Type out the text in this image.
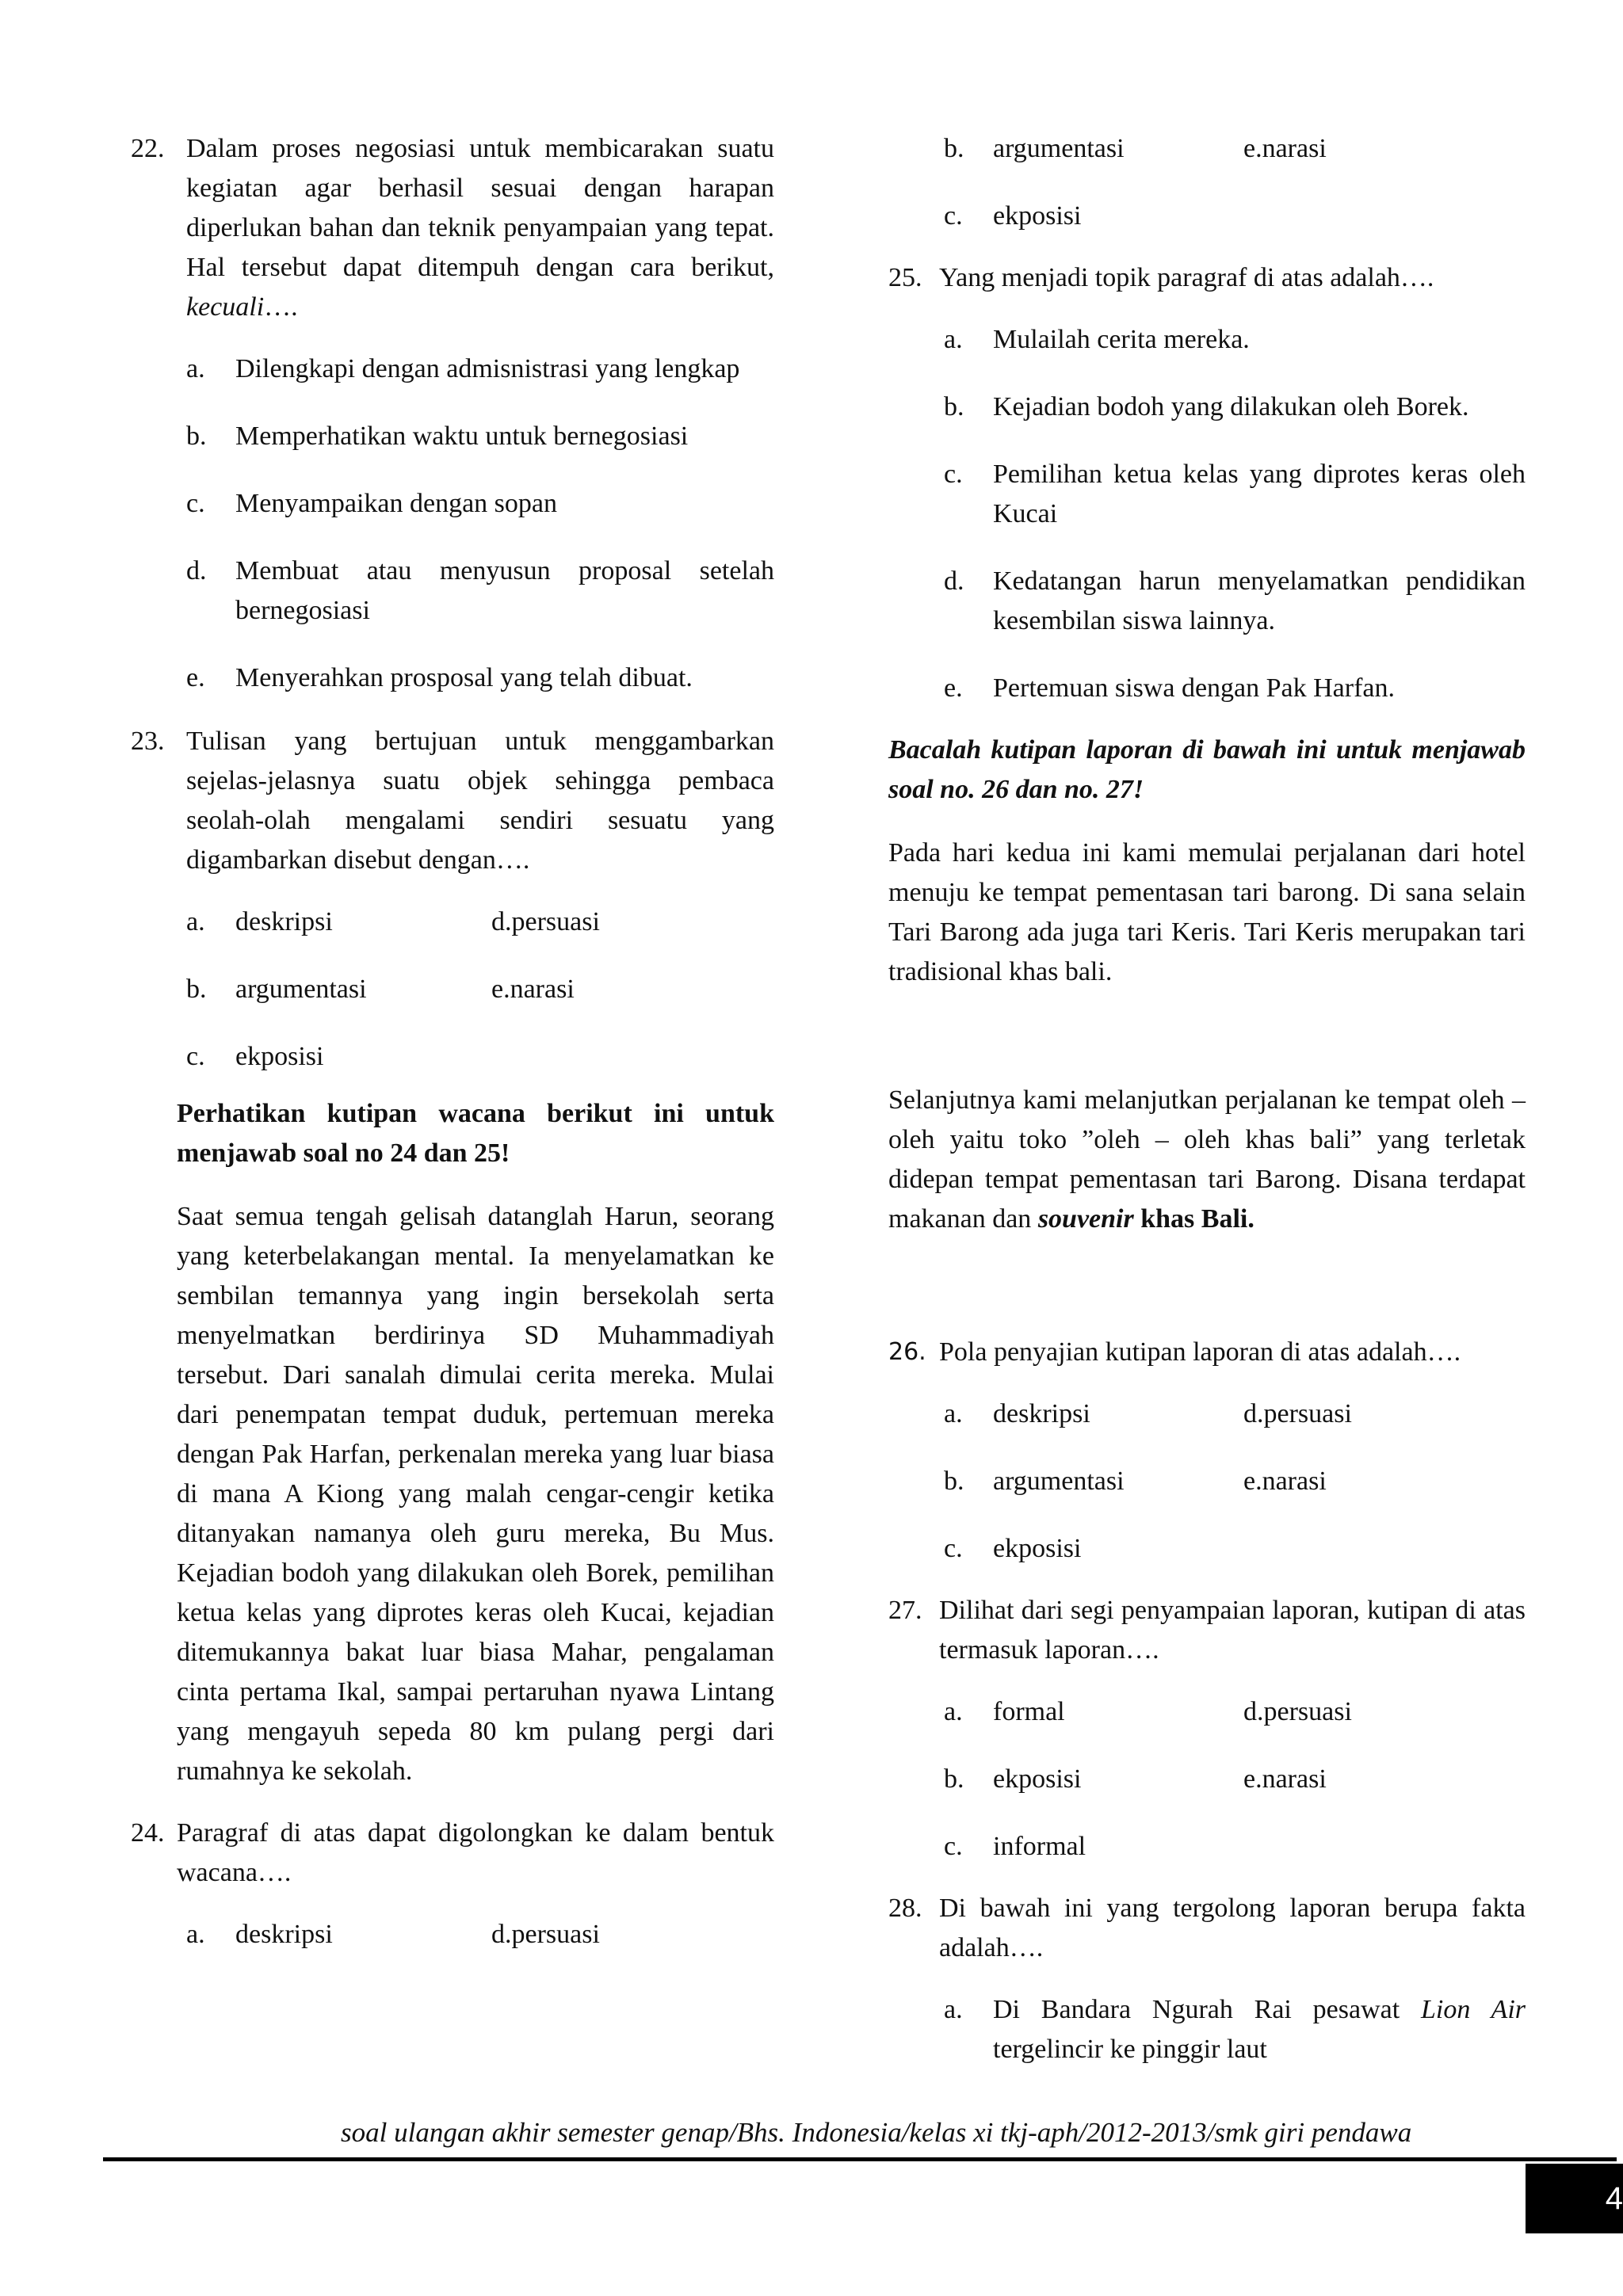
22. Dalam proses negosiasi untuk membicarakan suatu kegiatan agar berhasil sesuai dengan harapan diperlukan bahan dan teknik penyampaian yang tepat. Hal tersebut dapat ditempuh dengan cara berikut, kecuali….
a. Dilengkapi dengan admisnistrasi yang lengkap
b. Memperhatikan waktu untuk bernegosiasi
c. Menyampaikan dengan sopan
d. Membuat atau menyusun proposal setelah bernegosiasi
e. Menyerahkan prosposal yang telah dibuat.
23. Tulisan yang bertujuan untuk menggambarkan sejelas-jelasnya suatu objek sehingga pembaca seolah-olah mengalami sendiri sesuatu yang digambarkan disebut dengan….
a. deskripsi	d.persuasi
b. argumentasi	e.narasi
c. ekposisi
Perhatikan kutipan wacana berikut ini untuk menjawab soal no 24 dan 25!
Saat semua tengah gelisah datanglah Harun, seorang yang keterbelakangan mental. Ia menyelamatkan ke sembilan temannya yang ingin bersekolah serta menyelmatkan berdirinya SD Muhammadiyah tersebut. Dari sanalah dimulai cerita mereka. Mulai dari penempatan tempat duduk, pertemuan mereka dengan Pak Harfan, perkenalan mereka yang luar biasa di mana A Kiong yang malah cengar-cengir ketika ditanyakan namanya oleh guru mereka, Bu Mus. Kejadian bodoh yang dilakukan oleh Borek, pemilihan ketua kelas yang diprotes keras oleh Kucai, kejadian ditemukannya bakat luar biasa Mahar, pengalaman cinta pertama Ikal, sampai pertaruhan nyawa Lintang yang mengayuh sepeda 80 km pulang pergi dari rumahnya ke sekolah.
24. Paragraf di atas dapat digolongkan ke dalam bentuk wacana….
a. deskripsi	d.persuasi
b. argumentasi	e.narasi
c. ekposisi
25. Yang menjadi topik paragraf di atas adalah….
a. Mulailah cerita mereka.
b. Kejadian bodoh yang dilakukan oleh Borek.
c. Pemilihan ketua kelas yang diprotes keras oleh Kucai
d. Kedatangan harun menyelamatkan pendidikan kesembilan siswa lainnya.
e. Pertemuan siswa dengan Pak Harfan.
Bacalah kutipan laporan di bawah ini untuk menjawab soal no. 26 dan no. 27!
Pada hari kedua ini kami memulai perjalanan dari hotel menuju ke tempat pementasan tari barong. Di sana selain Tari Barong ada juga tari Keris. Tari Keris merupakan tari tradisional khas bali.
Selanjutnya kami melanjutkan perjalanan ke tempat oleh – oleh yaitu toko ”oleh – oleh khas bali” yang terletak didepan tempat pementasan tari Barong. Disana terdapat makanan dan souvenir khas Bali.
26. Pola penyajian kutipan laporan di atas adalah….
a. deskripsi	d.persuasi
b. argumentasi	e.narasi
c. ekposisi
27. Dilihat dari segi penyampaian laporan, kutipan di atas termasuk laporan….
a. formal	d.persuasi
b. ekposisi	e.narasi
c. informal
28. Di bawah ini yang tergolong laporan berupa fakta adalah….
a. Di Bandara Ngurah Rai pesawat Lion Air tergelincir ke pinggir laut
soal ulangan akhir semester genap/Bhs. Indonesia/kelas xi tkj-aph/2012-2013/smk giri pendawa
4
